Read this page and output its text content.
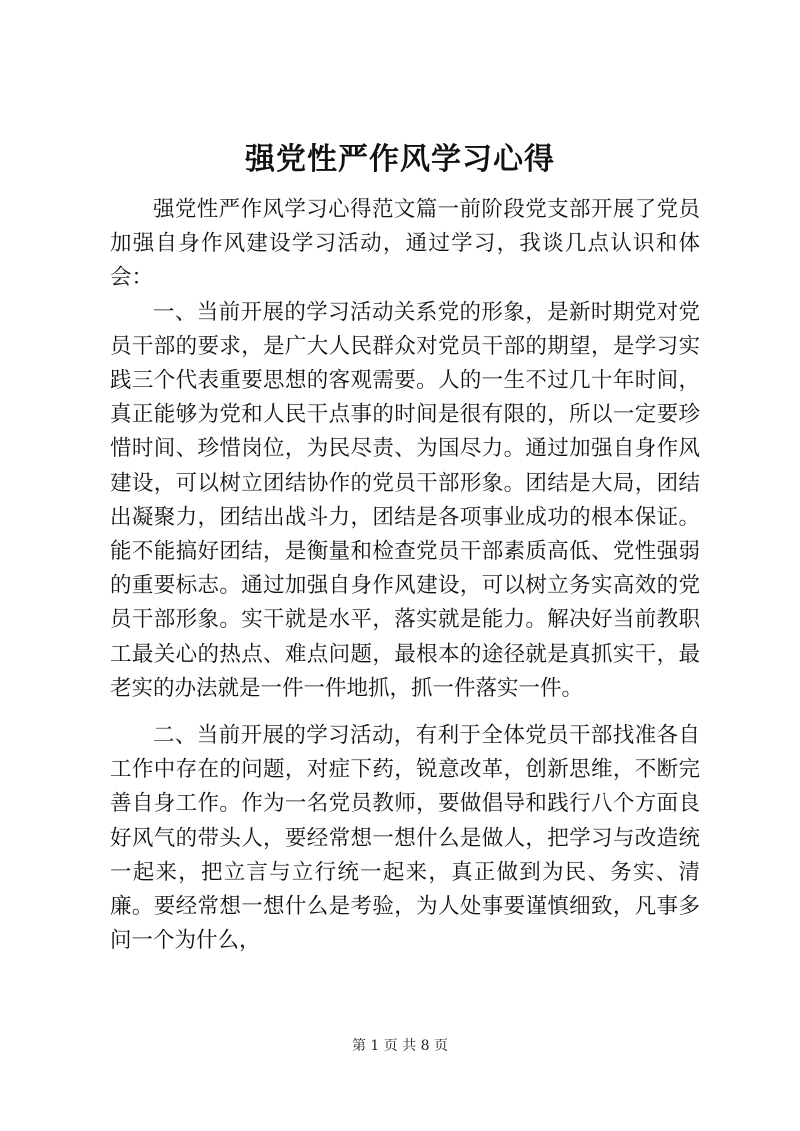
强党性严作风学习心得

强党性严作风学习心得范文篇一前阶段党支部开展了党员加强自身作风建设学习活动，通过学习，我谈几点认识和体会：

一、当前开展的学习活动关系党的形象，是新时期党对党员干部的要求，是广大人民群众对党员干部的期望，是学习实践三个代表重要思想的客观需要。人的一生不过几十年时间，真正能够为党和人民干点事的时间是很有限的，所以一定要珍惜时间、珍惜岗位，为民尽责、为国尽力。通过加强自身作风建设，可以树立团结协作的党员干部形象。团结是大局，团结出凝聚力，团结出战斗力，团结是各项事业成功的根本保证。能不能搞好团结，是衡量和检查党员干部素质高低、党性强弱的重要标志。通过加强自身作风建设，可以树立务实高效的党员干部形象。实干就是水平，落实就是能力。解决好当前教职工最关心的热点、难点问题，最根本的途径就是真抓实干，最老实的办法就是一件一件地抓，抓一件落实一件。

二、当前开展的学习活动，有利于全体党员干部找准各自工作中存在的问题，对症下药，锐意改革，创新思维，不断完善自身工作。作为一名党员教师，要做倡导和践行八个方面良好风气的带头人，要经常想一想什么是做人，把学习与改造统一起来，把立言与立行统一起来，真正做到为民、务实、清廉。要经常想一想什么是考验，为人处事要谨慎细致，凡事多问一个为什么，

第 1 页 共 8 页
